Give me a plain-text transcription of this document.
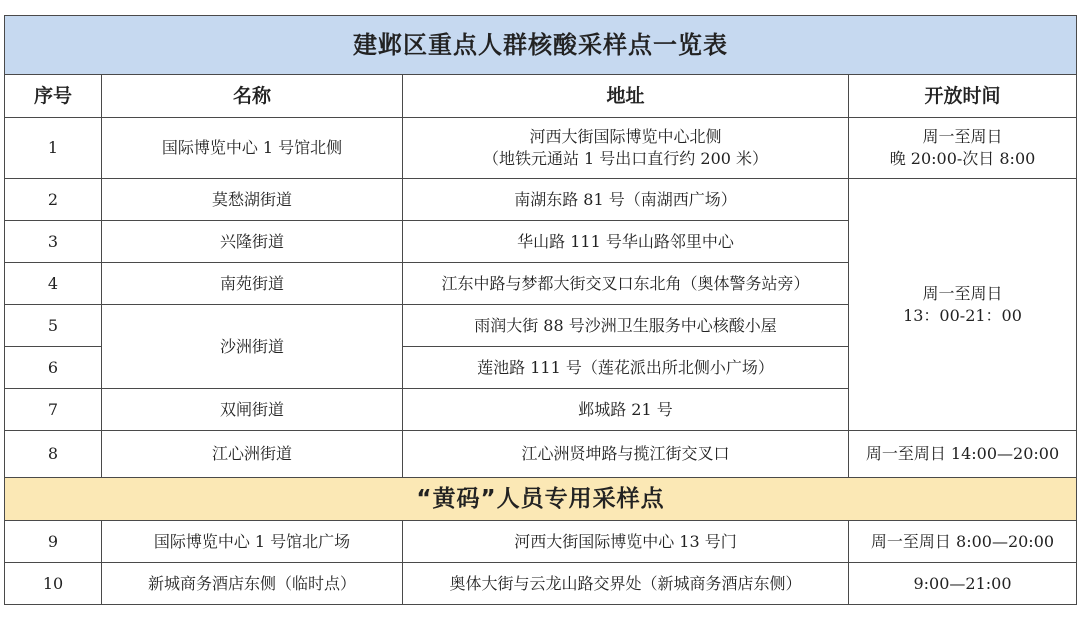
建邺区重点人群核酸采样点一览表			
序号	名称	地址	开放时间
1	国际博览中心 1 号馆北侧	河西大街国际博览中心北侧
（地铁元通站 1 号出口直行约 200 米）	周一至周日
晚 20:00-次日 8:00

2	莫愁湖街道	南湖东路 81 号（南湖西广场）	周一至周日
13：00-21：00

3	兴隆街道	华山路 111 号华山路邻里中心	
4	南苑街道	江东中路与梦都大街交叉口东北角（奥体警务站旁）	
5	沙洲街道	雨润大街 88 号沙洲卫生服务中心核酸小屋	
6		莲池路 111 号（莲花派出所北侧小广场）	
7	双闸街道	邺城路 21 号	
8	江心洲街道	江心洲贤坤路与揽江街交叉口	周一至周日 14:00—20:00
“黄码”人员专用采样点			
9	国际博览中心 1 号馆北广场	河西大街国际博览中心 13 号门	周一至周日 8:00—20:00
10	新城商务酒店东侧（临时点）	奥体大街与云龙山路交界处（新城商务酒店东侧）	9:00—21:00
